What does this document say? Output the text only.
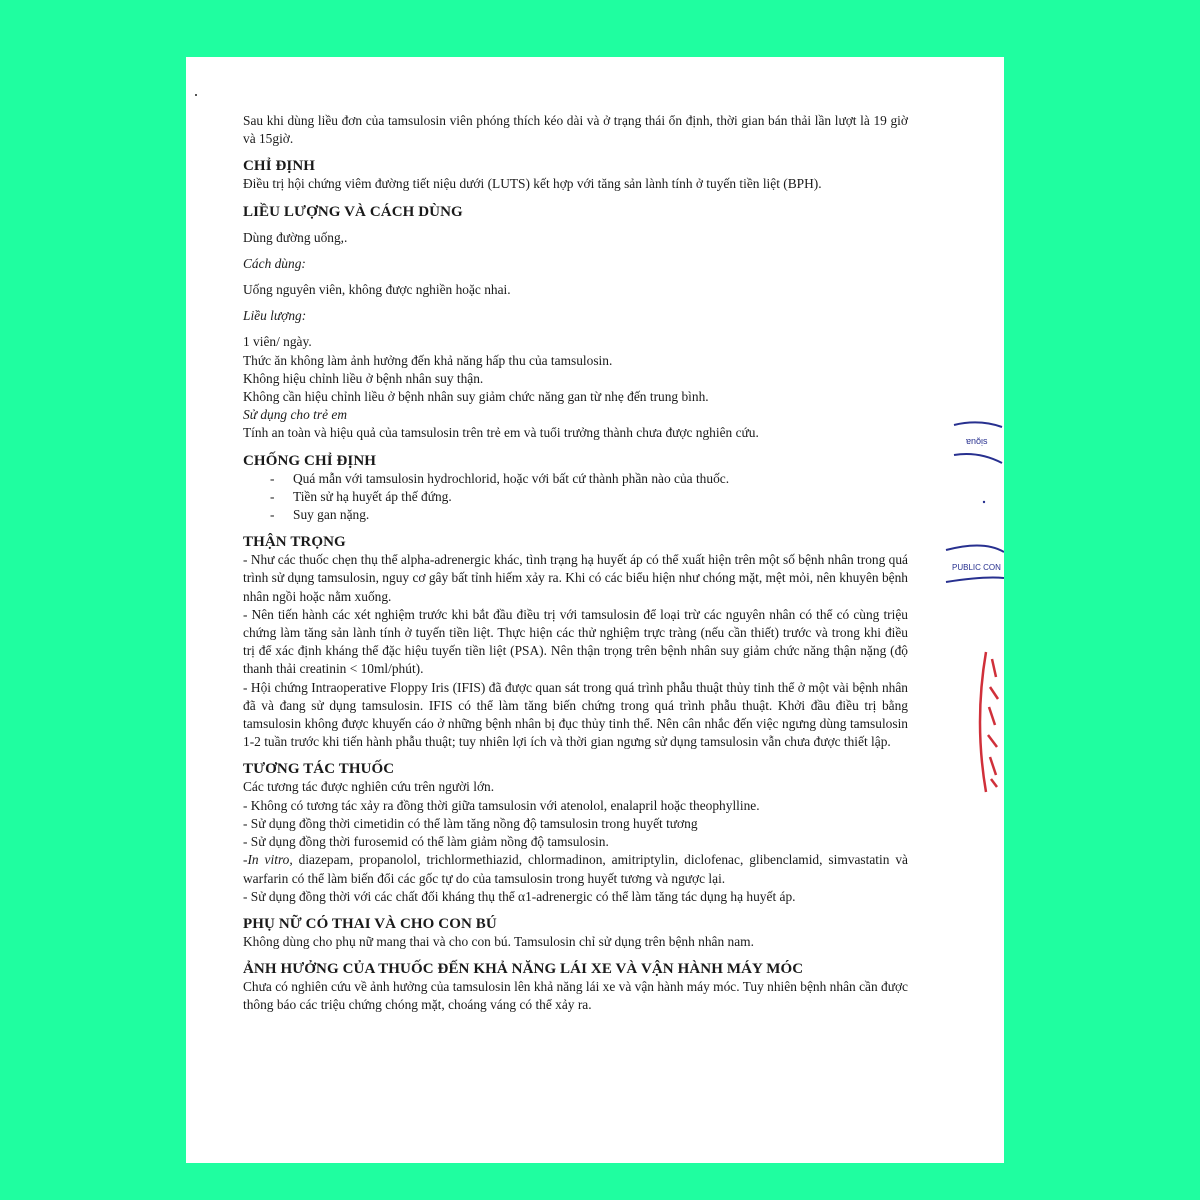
Sau khi dùng liều đơn của tamsulosin viên phóng thích kéo dài và ở trạng thái ổn định, thời gian bán thải lần lượt là 19 giờ và 15giờ.

CHỈ ĐỊNH

Điều trị hội chứng viêm đường tiết niệu dưới (LUTS) kết hợp với tăng sản lành tính ở tuyến tiền liệt (BPH).

LIỀU LƯỢNG VÀ CÁCH DÙNG

Dùng đường uống,.

Cách dùng:

Uống nguyên viên, không được nghiền hoặc nhai.

Liều lượng:

1 viên/ ngày.

Thức ăn không làm ảnh hưởng đến khả năng hấp thu của tamsulosin.

Không hiệu chỉnh liều ở bệnh nhân suy thận.

Không cần hiệu chỉnh liều ở bệnh nhân suy giảm chức năng gan từ nhẹ đến trung bình.

Sử dụng cho trẻ em

Tính an toàn và hiệu quả của tamsulosin trên trẻ em và tuổi trưởng thành chưa được nghiên cứu.

CHỐNG CHỈ ĐỊNH

- Quá mẫn với tamsulosin hydrochlorid, hoặc với bất cứ thành phần nào của thuốc.
- Tiền sử hạ huyết áp thế đứng.
- Suy gan nặng.

THẬN TRỌNG

- Như các thuốc chẹn thụ thể alpha-adrenergic khác, tình trạng hạ huyết áp có thể xuất hiện trên một số bệnh nhân trong quá trình sử dụng tamsulosin, nguy cơ gây bất tỉnh hiếm xảy ra. Khi có các biểu hiện như chóng mặt, mệt mỏi, nên khuyên bệnh nhân ngồi hoặc nằm xuống.

- Nên tiến hành các xét nghiệm trước khi bắt đầu điều trị với tamsulosin để loại trừ các nguyên nhân có thể có cùng triệu chứng làm tăng sản lành tính ở tuyến tiền liệt. Thực hiện các thử nghiệm trực tràng (nếu cần thiết) trước và trong khi điều trị để xác định kháng thể đặc hiệu tuyến tiền liệt (PSA). Nên thận trọng trên bệnh nhân suy giảm chức năng thận nặng (độ thanh thải creatinin < 10ml/phút).

- Hội chứng Intraoperative Floppy Iris (IFIS) đã được quan sát trong quá trình phẫu thuật thủy tinh thể ở một vài bệnh nhân đã và đang sử dụng tamsulosin. IFIS có thể làm tăng biến chứng trong quá trình phẫu thuật. Khởi đầu điều trị bằng tamsulosin không được khuyến cáo ở những bệnh nhân bị đục thủy tinh thể. Nên cân nhắc đến việc ngưng dùng tamsulosin 1-2 tuần trước khi tiến hành phẫu thuật; tuy nhiên lợi ích và thời gian ngưng sử dụng tamsulosin vẫn chưa được thiết lập.

TƯƠNG TÁC THUỐC

Các tương tác được nghiên cứu trên người lớn.

- Không có tương tác xảy ra đồng thời giữa tamsulosin với atenolol, enalapril hoặc theophylline.

- Sử dụng đồng thời cimetidin có thể làm tăng nồng độ tamsulosin trong huyết tương

- Sử dụng đồng thời furosemid có thể làm giảm nồng độ tamsulosin.

-In vitro, diazepam, propanolol, trichlormethiazid, chlormadinon, amitriptylin, diclofenac, glibenclamid, simvastatin và warfarin có thể làm biến đổi các gốc tự do của tamsulosin trong huyết tương và ngược lại.

- Sử dụng đồng thời với các chất đối kháng thụ thể α1-adrenergic có thể làm tăng tác dụng hạ huyết áp.

PHỤ NỮ CÓ THAI VÀ CHO CON BÚ

Không dùng cho phụ nữ mang thai và cho con bú. Tamsulosin chỉ sử dụng trên bệnh nhân nam.

ẢNH HƯỞNG CỦA THUỐC ĐẾN KHẢ NĂNG LÁI XE VÀ VẬN HÀNH MÁY MÓC

Chưa có nghiên cứu về ảnh hưởng của tamsulosin lên khả năng lái xe và vận hành máy móc. Tuy nhiên bệnh nhân cần được thông báo các triệu chứng chóng mặt, choáng váng có thể xảy ra.

ɐnŏᴉs
PUBLIC CON
